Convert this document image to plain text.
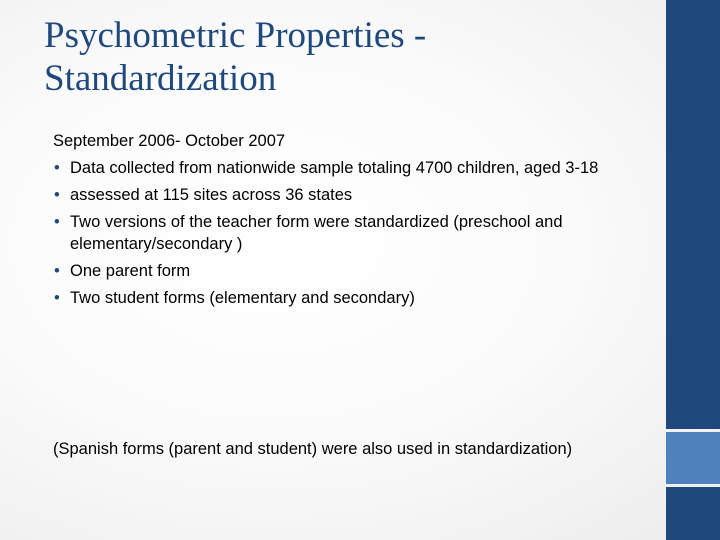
Psychometric Properties -
Standardization

September 2006- October 2007

• Data collected from nationwide sample totaling 4700 children, aged 3-18
• assessed at 115 sites across 36 states
• Two versions of the teacher form were standardized (preschool and elementary/secondary )
• One parent form
• Two student forms (elementary and secondary)

(Spanish forms (parent and student) were also used in standardization)
